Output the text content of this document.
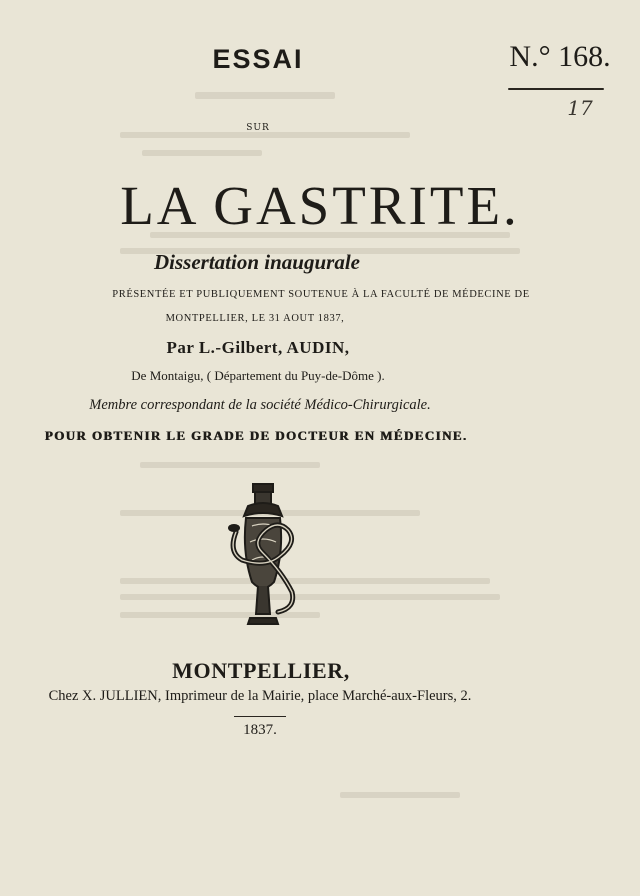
ESSAI	N.° 168.
17
SUR
LA GASTRITE.
Dissertation inaugurale
PRÉSENTÉE ET PUBLIQUEMENT SOUTENUE À LA FACULTÉ DE MÉDECINE DE
MONTPELLIER, LE 31 AOUT 1837,
Par L.-Gilbert, AUDIN,
De Montaigu, ( Département du Puy-de-Dôme ).
Membre correspondant de la société Médico-Chirurgicale.
POUR OBTENIR LE GRADE DE DOCTEUR EN MÉDECINE.
MONTPELLIER,
Chez X. JULLIEN, Imprimeur de la Mairie, place Marché-aux-Fleurs, 2.
1837.
